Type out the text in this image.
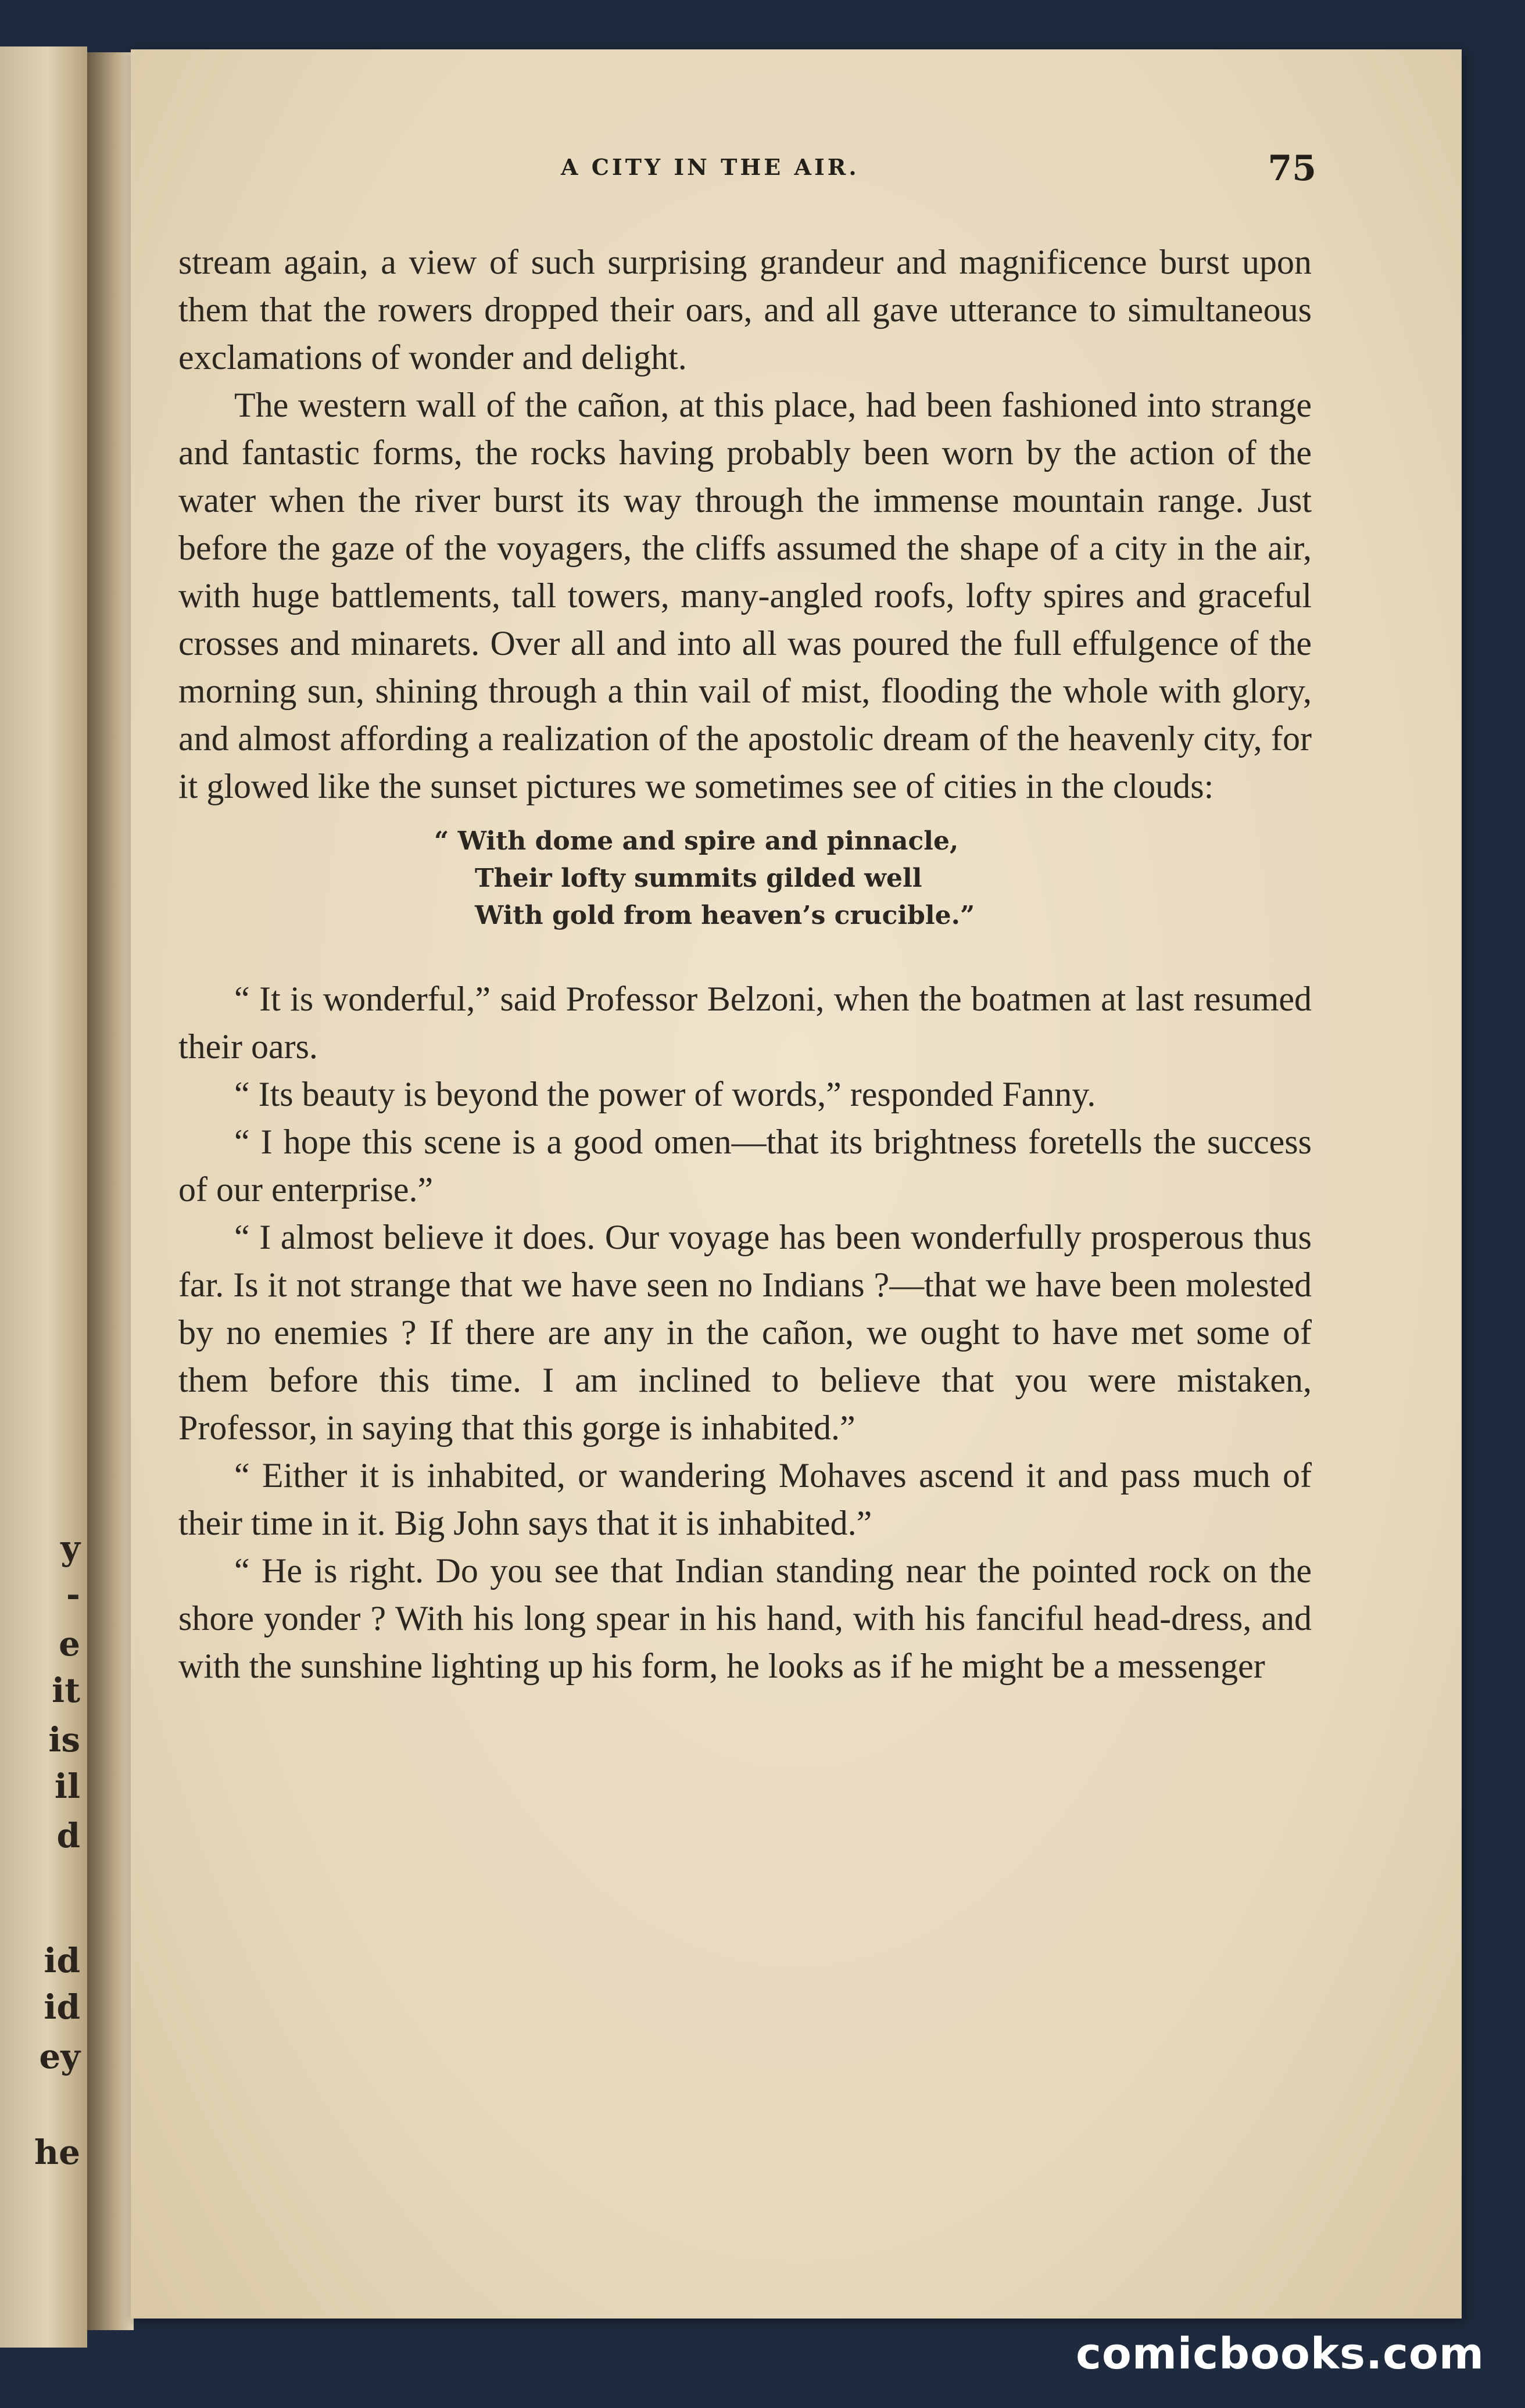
y
-
e
it
is
il
d
id
id
ey
he
A CITY IN THE AIR.	75

stream again, a view of such surprising grandeur and magnificence burst upon them that the rowers dropped their oars, and all gave utterance to simultaneous exclamations of wonder and delight.

The western wall of the cañon, at this place, had been fashioned into strange and fantastic forms, the rocks having probably been worn by the action of the water when the river burst its way through the immense mountain range. Just before the gaze of the voyagers, the cliffs assumed the shape of a city in the air, with huge battlements, tall towers, many-angled roofs, lofty spires and graceful crosses and minarets. Over all and into all was poured the full effulgence of the morning sun, shining through a thin vail of mist, flooding the whole with glory, and almost affording a realization of the apostolic dream of the heavenly city, for it glowed like the sunset pictures we sometimes see of cities in the clouds:

“ With dome and spire and pinnacle,
Their lofty summits gilded well
With gold from heaven’s crucible.”

“ It is wonderful,” said Professor Belzoni, when the boatmen at last resumed their oars.

“ Its beauty is beyond the power of words,” responded Fanny.

“ I hope this scene is a good omen—that its brightness foretells the success of our enterprise.”

“ I almost believe it does. Our voyage has been wonderfully prosperous thus far. Is it not strange that we have seen no Indians ?—that we have been molested by no enemies ? If there are any in the cañon, we ought to have met some of them before this time. I am inclined to believe that you were mistaken, Professor, in saying that this gorge is inhabited.”

“ Either it is inhabited, or wandering Mohaves ascend it and pass much of their time in it. Big John says that it is inhabited.”

“ He is right. Do you see that Indian standing near the pointed rock on the shore yonder ? With his long spear in his hand, with his fanciful head-dress, and with the sunshine lighting up his form, he looks as if he might be a messenger

comicbooks.com
